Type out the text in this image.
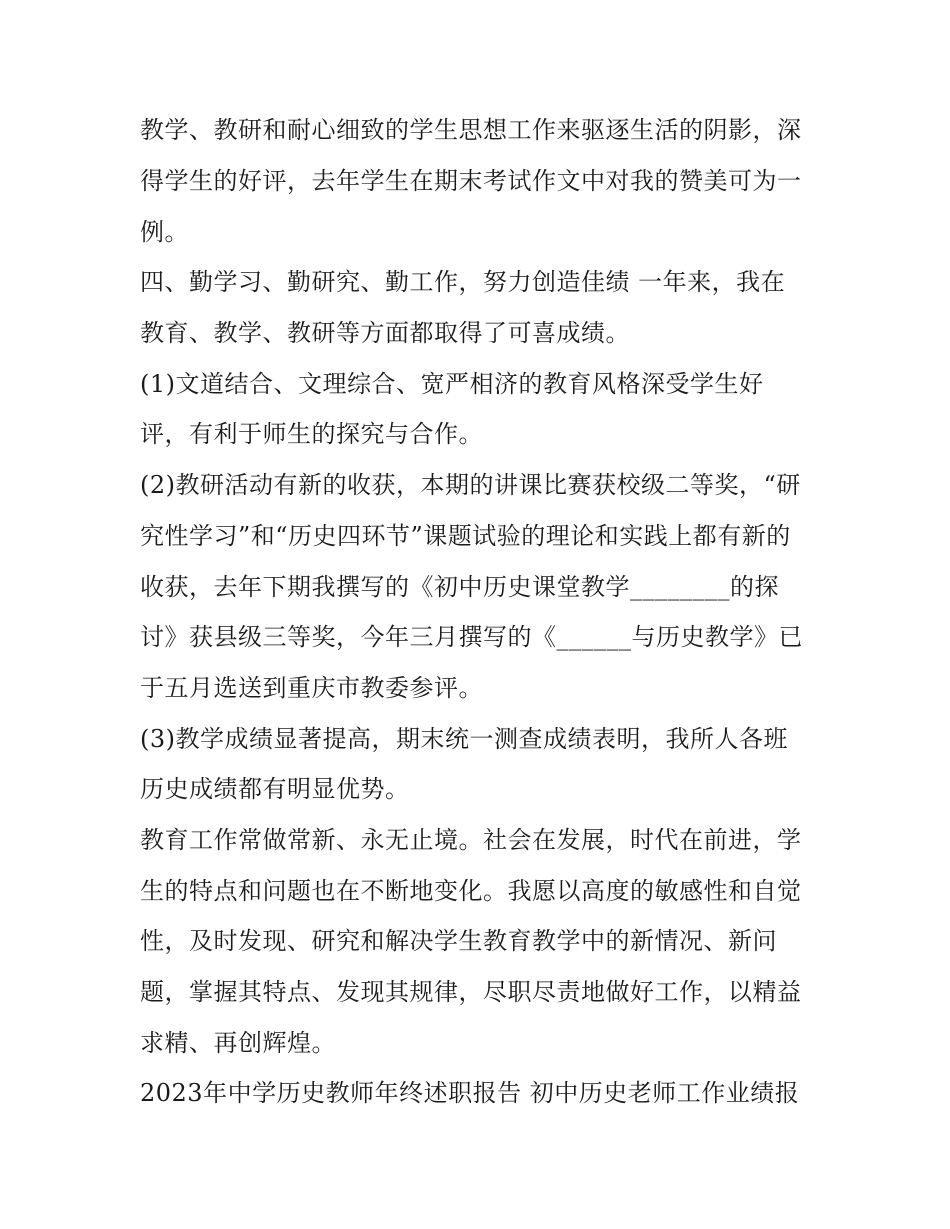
教学、教研和耐心细致的学生思想工作来驱逐生活的阴影，深
得学生的好评，去年学生在期末考试作文中对我的赞美可为一
例。
四、勤学习、勤研究、勤工作，努力创造佳绩 一年来，我在
教育、教学、教研等方面都取得了可喜成绩。
(1)文道结合、文理综合、宽严相济的教育风格深受学生好
评，有利于师生的探究与合作。
(2)教研活动有新的收获，本期的讲课比赛获校级二等奖，“研
究性学习”和“历史四环节”课题试验的理论和实践上都有新的
收获，去年下期我撰写的《初中历史课堂教学________的探
讨》获县级三等奖，今年三月撰写的《______与历史教学》已
于五月选送到重庆市教委参评。
(3)教学成绩显著提高，期末统一测查成绩表明，我所人各班
历史成绩都有明显优势。
教育工作常做常新、永无止境。社会在发展，时代在前进，学
生的特点和问题也在不断地变化。我愿以高度的敏感性和自觉
性，及时发现、研究和解决学生教育教学中的新情况、新问
题，掌握其特点、发现其规律，尽职尽责地做好工作，以精益
求精、再创辉煌。
2023年中学历史教师年终述职报告 初中历史老师工作业绩报
